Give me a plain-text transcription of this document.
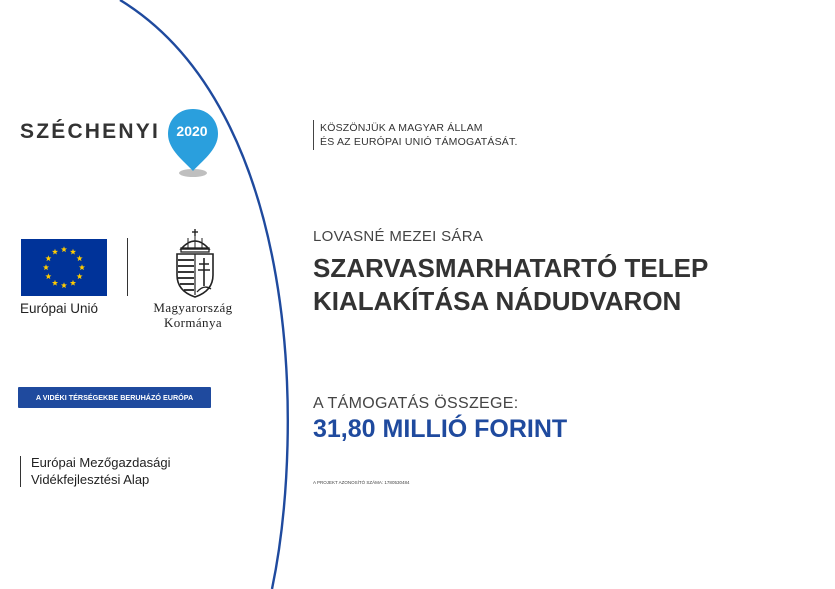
SZÉCHENYI	2020
Európai Unió	Magyarország
Kormánya
A VIDÉKI TÉRSÉGEKBE BERUHÁZÓ EURÓPA
Európai Mezőgazdasági
Vidékfejlesztési Alap
KÖSZÖNJÜK A MAGYAR ÁLLAM
ÉS AZ EURÓPAI UNIÓ TÁMOGATÁSÁT.
LOVASNÉ MEZEI SÁRA
SZARVASMARHATARTÓ TELEP
KIALAKÍTÁSA NÁDUDVARON
A TÁMOGATÁS ÖSSZEGE:
31,80 MILLIÓ FORINT
A PROJEKT AZONOSÍTÓ SZÁMA: 1780530484
